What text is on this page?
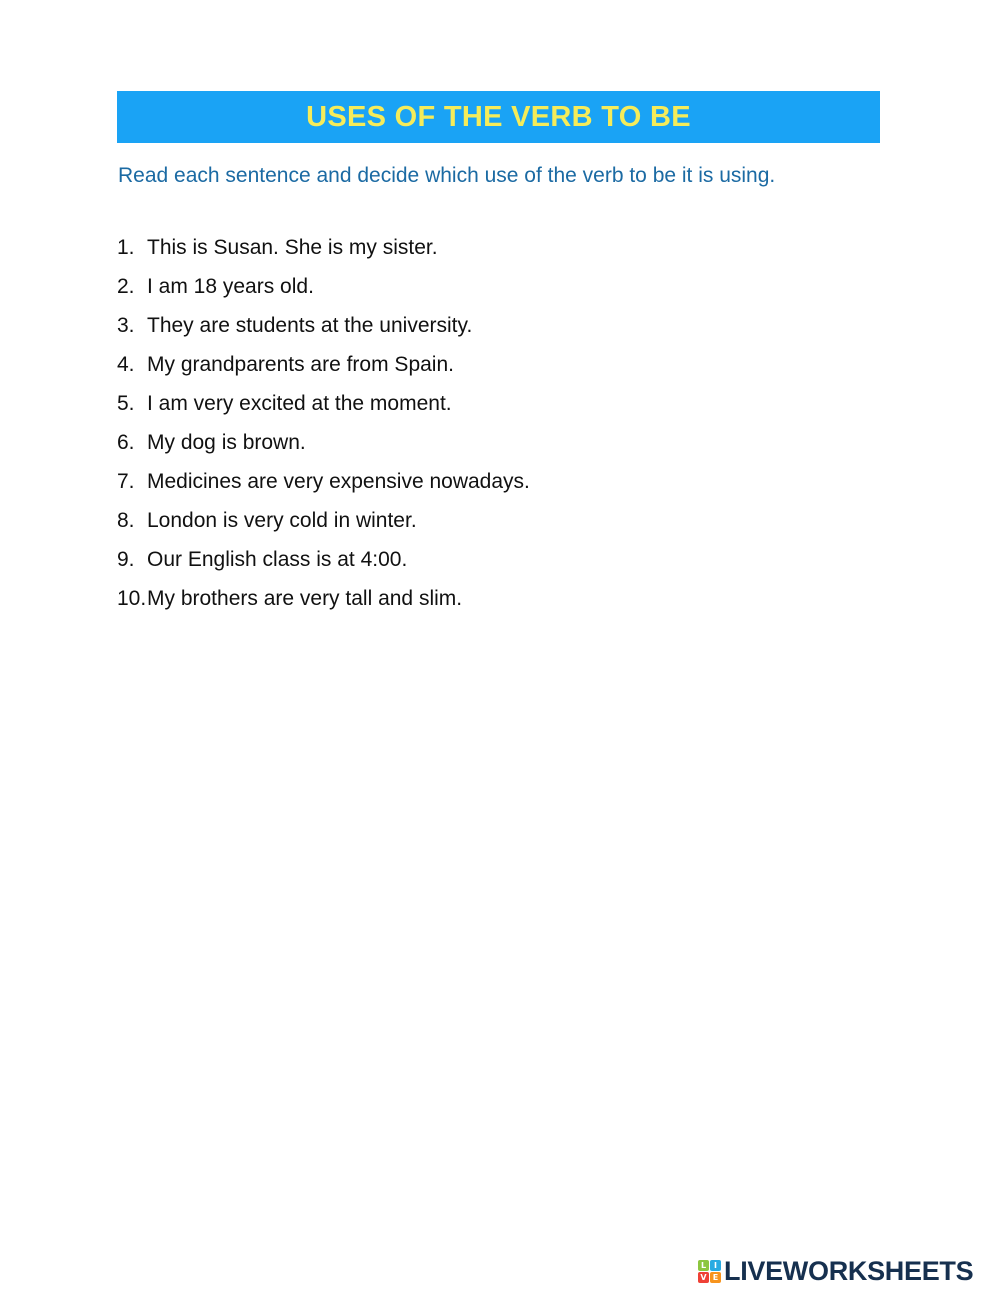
USES OF THE VERB TO BE
Read each sentence and decide which use of the verb to be it is using.
1. This is Susan. She is my sister.
2. I am 18 years old.
3. They are students at the university.
4. My grandparents are from Spain.
5. I am very excited at the moment.
6. My dog is brown.
7. Medicines are very expensive nowadays.
8. London is very cold in winter.
9. Our English class is at 4:00.
10. My brothers are very tall and slim.
L I
V E LIVEWORKSHEETS
